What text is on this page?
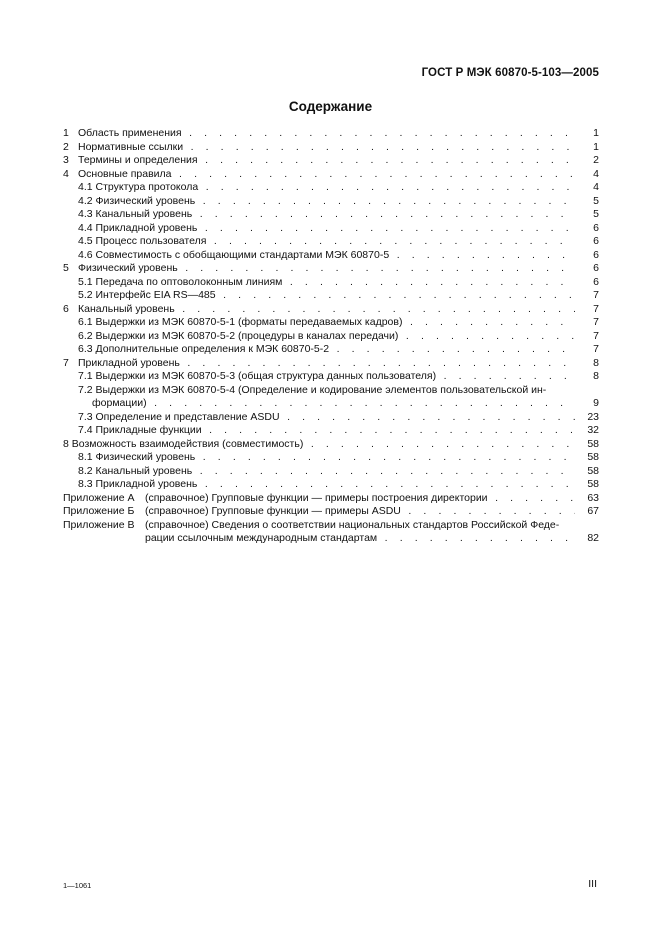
ГОСТ Р МЭК 60870-5-103—2005
Содержание
1 Область применения . . .	1
2 Нормативные ссылки . . .	1
3 Термины и определения . . .	2
4 Основные правила . . .	4
4.1 Структура протокола . . .	4
4.2 Физический уровень . . .	5
4.3 Канальный уровень . . .	5
4.4 Прикладной уровень . . .	6
4.5 Процесс пользователя . . .	6
4.6 Совместимость с обобщающими стандартами МЭК 60870-5 . . .	6
5 Физический уровень . . .	6
5.1 Передача по оптоволоконным линиям . . .	6
5.2 Интерфейс EIA RS—485 . . .	7
6 Канальный уровень . . .	7
6.1 Выдержки из МЭК 60870-5-1 (форматы передаваемых кадров) . . .	7
6.2 Выдержки из МЭК 60870-5-2 (процедуры в каналах передачи) . . .	7
6.3 Дополнительные определения к МЭК 60870-5-2 . . .	7
7 Прикладной уровень . . .	8
7.1 Выдержки из МЭК 60870-5-3 (общая структура данных пользователя) . . .	8
7.2 Выдержки из МЭК 60870-5-4 (Определение и кодирование элементов пользовательской ин-
формации) . . .	9
7.3 Определение и представление ASDU . . .	23
7.4 Прикладные функции . . .	32
8 Возможность взаимодействия (совместимость) . . .	58
8.1 Физический уровень . . .	58
8.2 Канальный уровень . . .	58
8.3 Прикладной уровень . . .	58
Приложение А (справочное) Групповые функции — примеры построения директории . . .	63
Приложение Б (справочное) Групповые функции — примеры ASDU . . .	67
Приложение В (справочное) Сведения о соответствии национальных стандартов Российской Феде-
рации ссылочным международным стандартам . . .	82
1—1061	III
